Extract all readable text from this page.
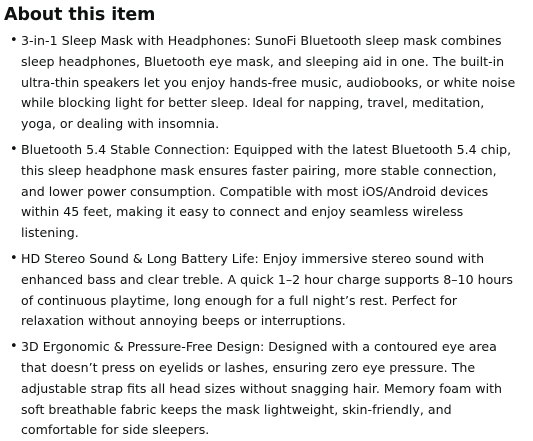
About this item
• 3-in-1 Sleep Mask with Headphones: SunoFi Bluetooth sleep mask combines
sleep headphones, Bluetooth eye mask, and sleeping aid in one. The built-in
ultra-thin speakers let you enjoy hands-free music, audiobooks, or white noise
while blocking light for better sleep. Ideal for napping, travel, meditation,
yoga, or dealing with insomnia.
• Bluetooth 5.4 Stable Connection: Equipped with the latest Bluetooth 5.4 chip,
this sleep headphone mask ensures faster pairing, more stable connection,
and lower power consumption. Compatible with most iOS/Android devices
within 45 feet, making it easy to connect and enjoy seamless wireless
listening.
• HD Stereo Sound & Long Battery Life: Enjoy immersive stereo sound with
enhanced bass and clear treble. A quick 1–2 hour charge supports 8–10 hours
of continuous playtime, long enough for a full night’s rest. Perfect for
relaxation without annoying beeps or interruptions.
• 3D Ergonomic & Pressure-Free Design: Designed with a contoured eye area
that doesn’t press on eyelids or lashes, ensuring zero eye pressure. The
adjustable strap fits all head sizes without snagging hair. Memory foam with
soft breathable fabric keeps the mask lightweight, skin-friendly, and
comfortable for side sleepers.
